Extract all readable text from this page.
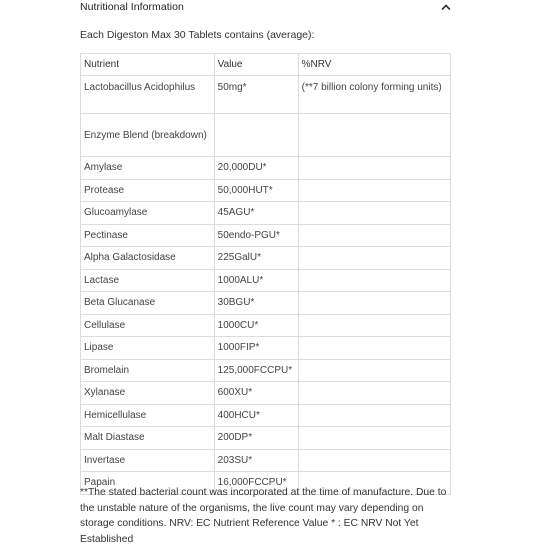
Nutritional Information
Each Digeston Max 30 Tablets contains (average):
Nutrient	Value	%NRV
Lactobacillus Acidophilus	50mg*	(**7 billion colony forming units)
Enzyme Blend (breakdown)		
Amylase	20,000DU*	
Protease	50,000HUT*	
Glucoamylase	45AGU*	
Pectinase	50endo-PGU*	
Alpha Galactosidase	225GalU*	
Lactase	1000ALU*	
Beta Glucanase	30BGU*	
Cellulase	1000CU*	
Lipase	1000FIP*	
Bromelain	125,000FCCPU*	
Xylanase	600XU*	
Hemicellulase	400HCU*	
Malt Diastase	200DP*	
Invertase	203SU*	
Papain	16,000FCCPU*	
**The stated bacterial count was incorporated at the time of manufacture. Due to the unstable nature of the organisms, the live count may vary depending on storage conditions. NRV: EC Nutrient Reference Value * : EC NRV Not Yet Established
